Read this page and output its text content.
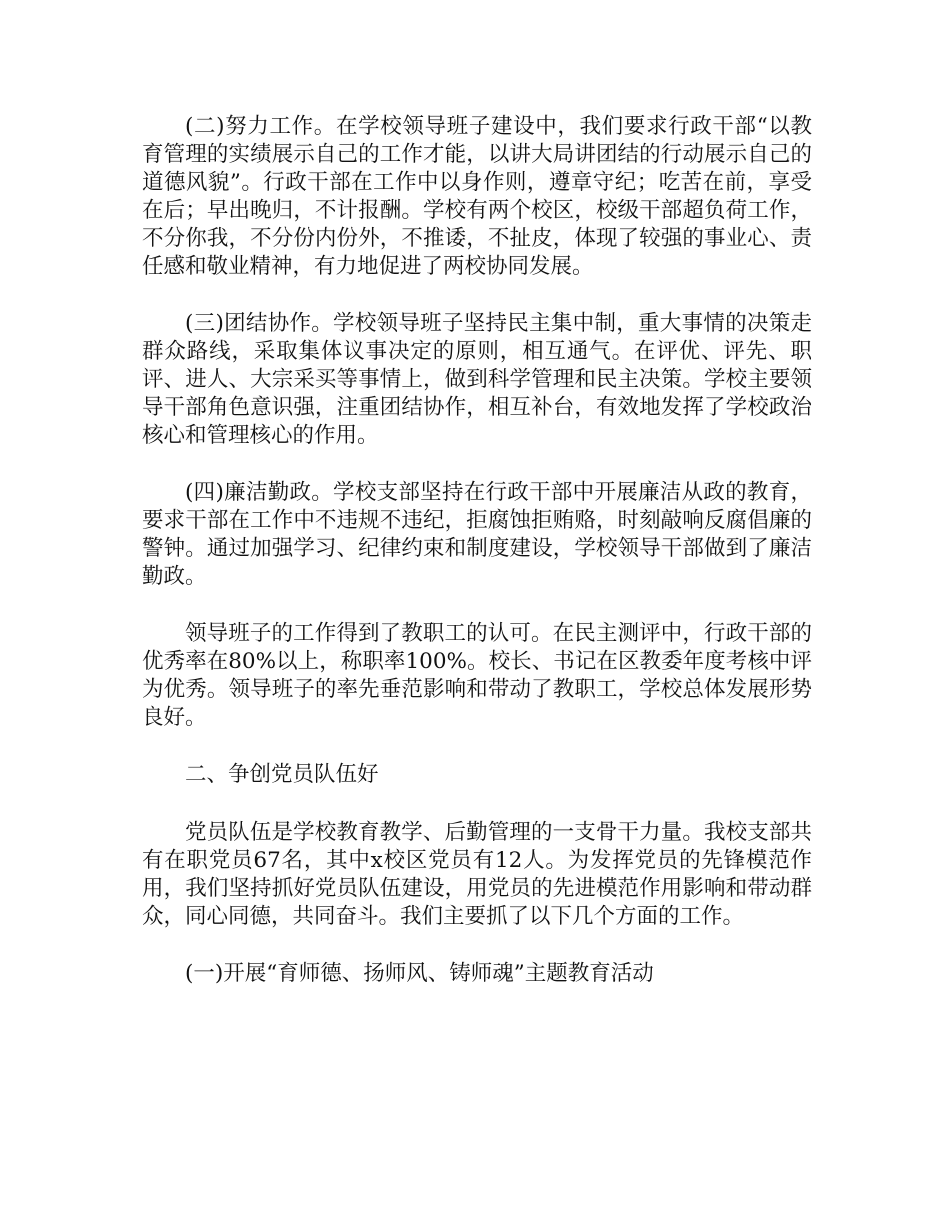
(二)努力工作。在学校领导班子建设中，我们要求行政干部“以教育管理的实绩展示自己的工作才能，以讲大局讲团结的行动展示自己的道德风貌”。行政干部在工作中以身作则，遵章守纪；吃苦在前，享受在后；早出晚归，不计报酬。学校有两个校区，校级干部超负荷工作，不分你我，不分份内份外，不推诿，不扯皮，体现了较强的事业心、责任感和敬业精神，有力地促进了两校协同发展。

(三)团结协作。学校领导班子坚持民主集中制，重大事情的决策走群众路线，采取集体议事决定的原则，相互通气。在评优、评先、职评、进人、大宗采买等事情上，做到科学管理和民主决策。学校主要领导干部角色意识强，注重团结协作，相互补台，有效地发挥了学校政治核心和管理核心的作用。

(四)廉洁勤政。学校支部坚持在行政干部中开展廉洁从政的教育，要求干部在工作中不违规不违纪，拒腐蚀拒贿赂，时刻敲响反腐倡廉的警钟。通过加强学习、纪律约束和制度建设，学校领导干部做到了廉洁勤政。

领导班子的工作得到了教职工的认可。在民主测评中，行政干部的优秀率在80%以上，称职率100%。校长、书记在区教委年度考核中评为优秀。领导班子的率先垂范影响和带动了教职工，学校总体发展形势良好。

二、争创党员队伍好

党员队伍是学校教育教学、后勤管理的一支骨干力量。我校支部共有在职党员67名，其中x校区党员有12人。为发挥党员的先锋模范作用，我们坚持抓好党员队伍建设，用党员的先进模范作用影响和带动群众，同心同德，共同奋斗。我们主要抓了以下几个方面的工作。

(一)开展“育师德、扬师风、铸师魂”主题教育活动
